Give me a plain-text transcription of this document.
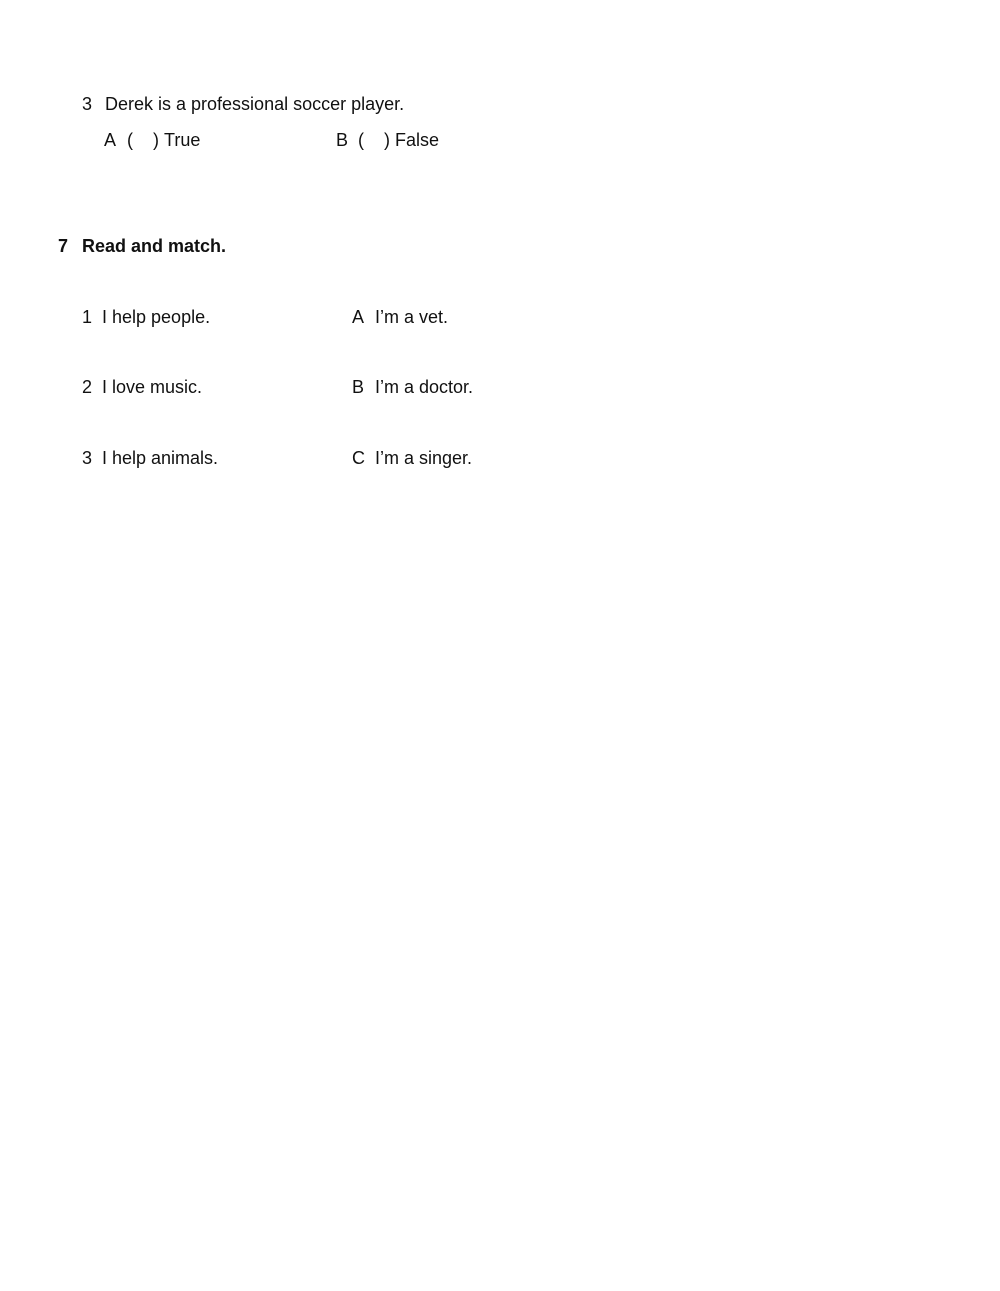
3 Derek is a professional soccer player.
A ( ) True	B ( ) False
7 Read and match.
1 I help people.
2 I love music.
3 I help animals.
A I’m a vet.
B I’m a doctor.
C I’m a singer.
